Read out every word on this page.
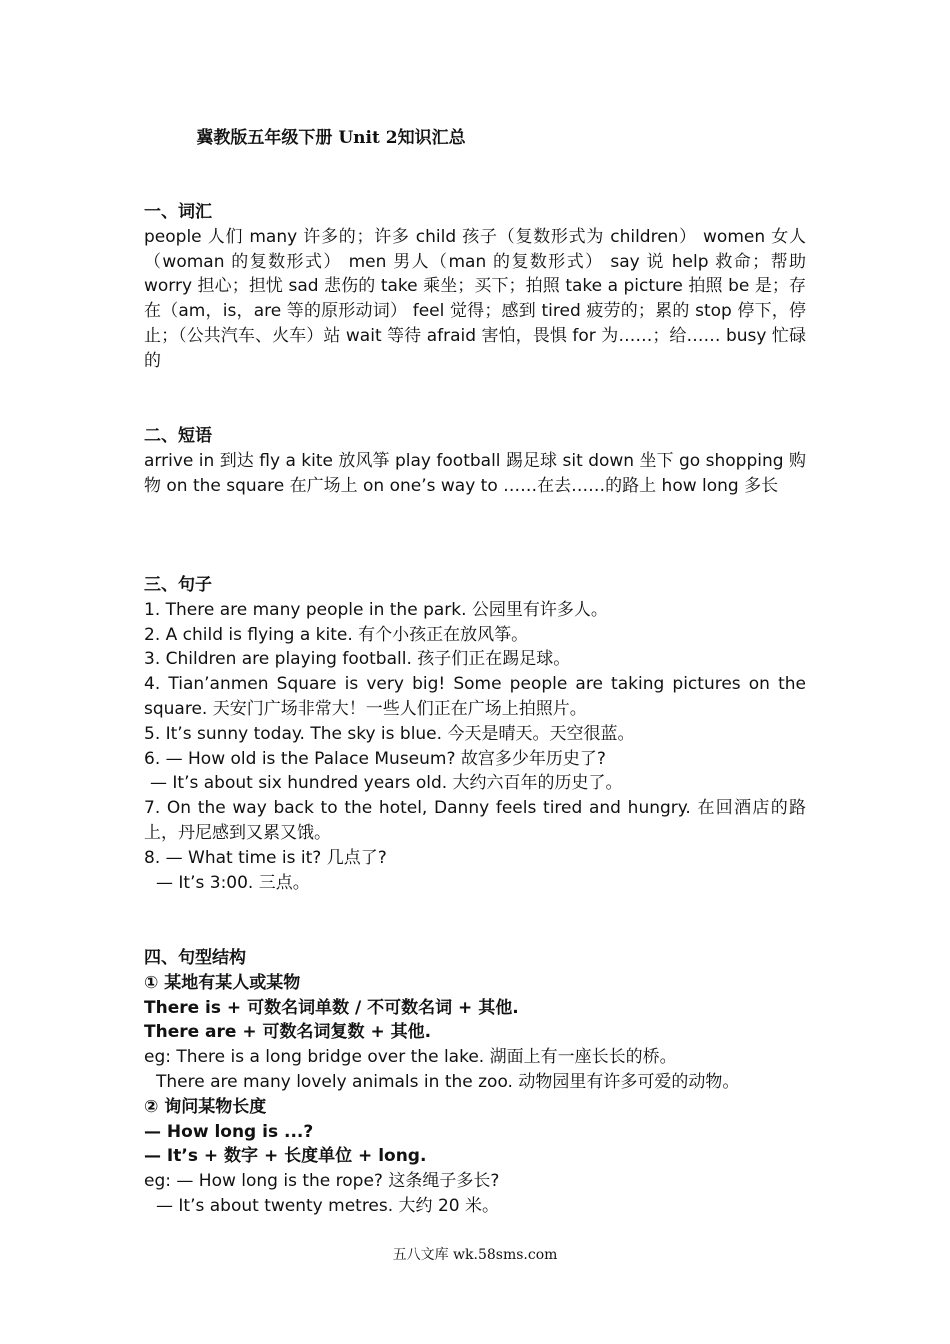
冀教版五年级下册 Unit 2知识汇总
一、词汇
people 人们 many 许多的；许多 child 孩子（复数形式为 children） women 女人（woman 的复数形式） men 男人（man 的复数形式） say 说 help 救命；帮助 worry 担心；担忧 sad 悲伤的 take 乘坐；买下；拍照 take a picture 拍照 be 是；存在（am，is，are 等的原形动词） feel 觉得；感到 tired 疲劳的；累的 stop 停下，停止；（公共汽车、火车）站 wait 等待 afraid 害怕，畏惧 for 为……；给…… busy 忙碌的
二、短语
arrive in 到达 fly a kite 放风筝 play football 踢足球 sit down 坐下 go shopping 购物 on the square 在广场上 on one’s way to ……在去……的路上 how long 多长
三、句子
1. There are many people in the park. 公园里有许多人。
2. A child is flying a kite. 有个小孩正在放风筝。
3. Children are playing football. 孩子们正在踢足球。
4. Tian’anmen Square is very big! Some people are taking pictures on the square. 天安门广场非常大！一些人们正在广场上拍照片。
5. It’s sunny today. The sky is blue. 今天是晴天。天空很蓝。
6. — How old is the Palace Museum? 故宫多少年历史了?
— It’s about six hundred years old. 大约六百年的历史了。
7. On the way back to the hotel, Danny feels tired and hungry. 在回酒店的路上，丹尼感到又累又饿。
8. — What time is it? 几点了?
— It’s 3:00. 三点。
四、句型结构
① 某地有某人或某物
There is + 可数名词单数 / 不可数名词 + 其他.
There are + 可数名词复数 + 其他.
eg: There is a long bridge over the lake. 湖面上有一座长长的桥。
There are many lovely animals in the zoo. 动物园里有许多可爱的动物。
② 询问某物长度
— How long is ...?
— It’s + 数字 + 长度单位 + long.
eg: — How long is the rope? 这条绳子多长?
— It’s about twenty metres. 大约 20 米。
五八文库 wk.58sms.com
